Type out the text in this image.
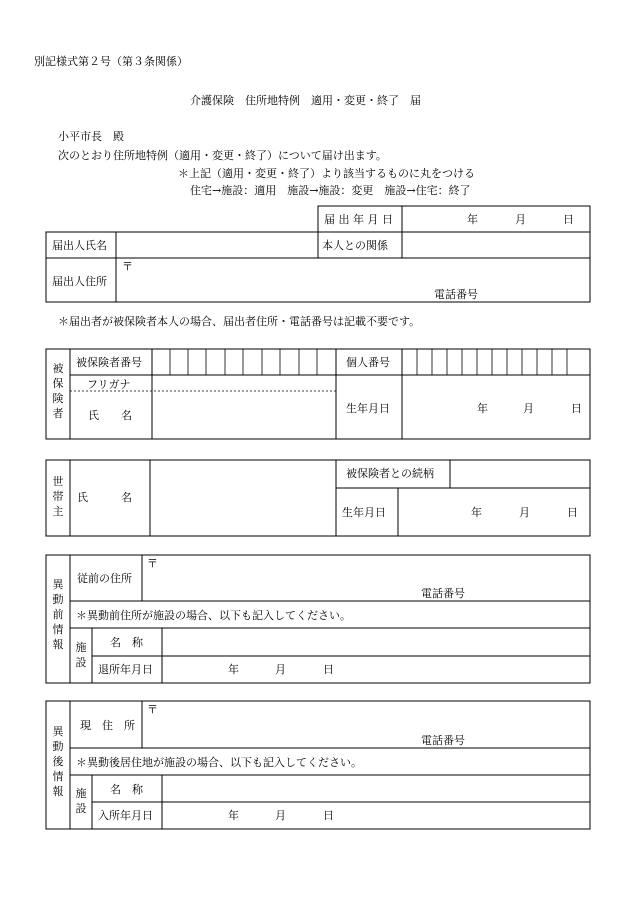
別記様式第２号（第３条関係）
介護保険　住所地特例　適用・変更・終了　届
小平市長　殿
次のとおり住所地特例（適用・変更・終了）について届け出ます。
＊上記（適用・変更・終了）より該当するものに丸をつける
住宅→施設：適用　施設→施設：変更　施設→住宅：終了
届 出 年 月 日	年	月	日
届出人氏名	本人との関係
届出人住所
〒
電話番号
＊届出者が被保険者本人の場合、届出者住所・電話番号は記載不要です。
被
保
険
者
被保険者番号	個人番号
フリガナ
氏　　名
生年月日	年	月	日
世
帯
主
氏　　　名
被保険者との続柄
生年月日	年	月	日
異
動
前
情
報
従前の住所
〒
電話番号
＊異動前住所が施設の場合、以下も記入してください。
施
設
名　称
退所年月日	年	月	日
異
動
後
情
報
現　住　所
〒
電話番号
＊異動後居住地が施設の場合、以下も記入してください。
施
設
名　称
入所年月日	年	月	日
